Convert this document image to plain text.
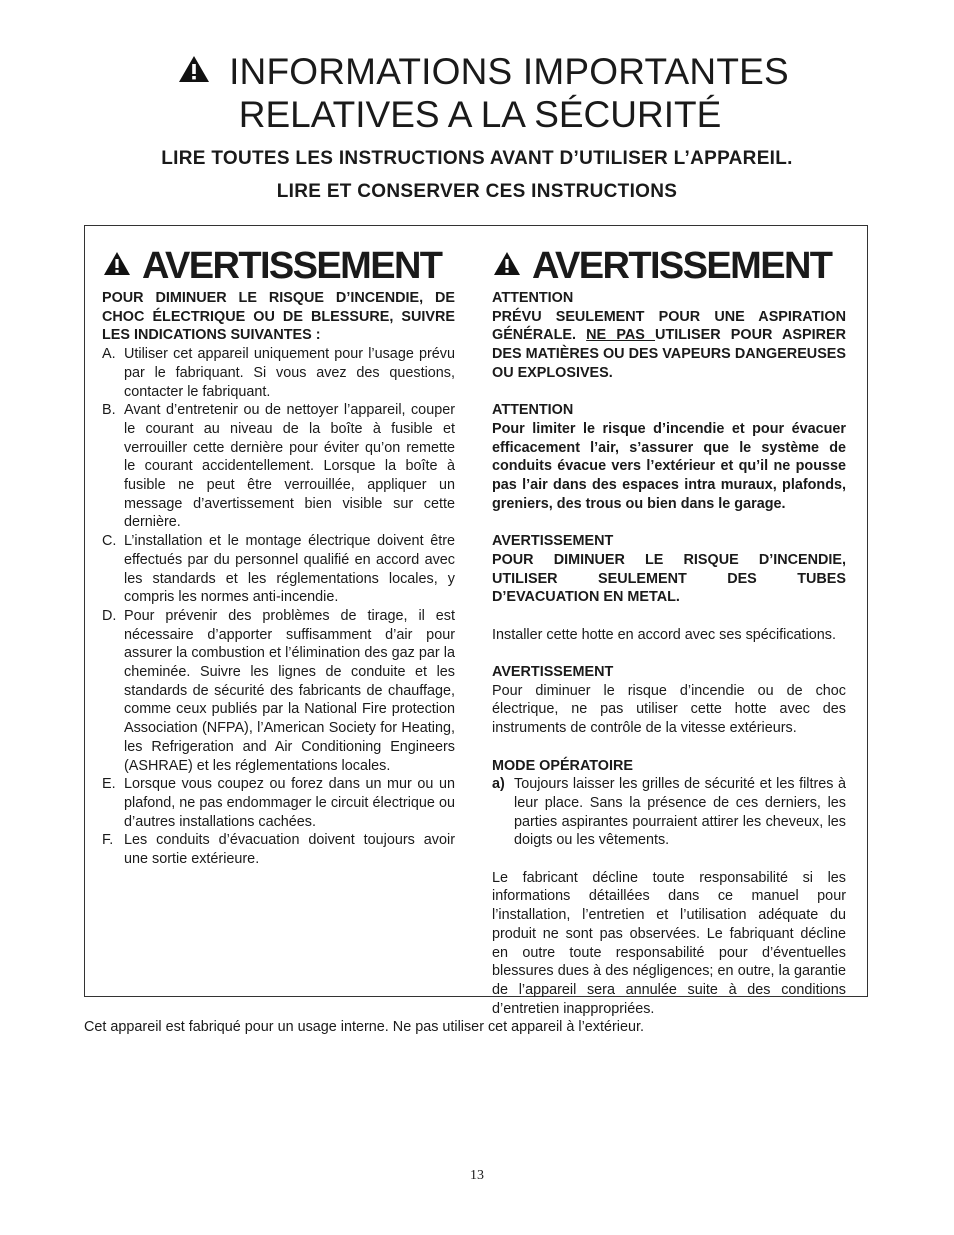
INFORMATIONS IMPORTANTES
RELATIVES A LA SÉCURITÉ
LIRE TOUTES LES INSTRUCTIONS AVANT D’UTILISER L’APPAREIL.
LIRE ET CONSERVER CES INSTRUCTIONS
AVERTISSEMENT

POUR DIMINUER LE RISQUE D’INCENDIE, DE CHOC ÉLECTRIQUE OU DE BLESSURE, SUIVRE LES INDICATIONS SUIVANTES :

A. Utiliser cet appareil uniquement pour l’usage prévu par le fabriquant. Si vous avez des questions, contacter le fabriquant.
B. Avant d’entretenir ou de nettoyer l’appareil, couper le courant au niveau de la boîte à fusible et verrouiller cette dernière pour éviter qu’on remette le courant accidentellement. Lorsque la boîte à fusible ne peut être verrouillée, appliquer un message d’avertissement bien visible sur cette dernière.
C. L’installation et le montage électrique doivent être effectués par du personnel qualifié en accord avec les standards et les réglementations locales, y compris les normes anti-incendie.
D. Pour prévenir des problèmes de tirage, il est nécessaire d’apporter suffisamment d’air pour assurer la combustion et l’élimination des gaz par la cheminée. Suivre les lignes de conduite et les standards de sécurité des fabricants de chauffage, comme ceux publiés par la National Fire protection Association (NFPA), l’American Society for Heating, les Refrigeration and Air Conditioning Engineers (ASHRAE) et les réglementations locales.
E. Lorsque vous coupez ou forez dans un mur ou un plafond, ne pas endommager le circuit électrique ou d’autres installations cachées.
F. Les conduits d’évacuation doivent toujours avoir une sortie extérieure.
AVERTISSEMENT

ATTENTION

PRÉVU SEULEMENT POUR UNE ASPIRATION GÉNÉRALE. NE PAS UTILISER POUR ASPIRER DES MATIÈRES OU DES VAPEURS DANGEREUSES OU EXPLOSIVES.

ATTENTION

Pour limiter le risque d’incendie et pour évacuer efficacement l’air, s’assurer que le système de conduits évacue vers l’extérieur et qu’il ne pousse pas l’air dans des espaces intra muraux, plafonds, greniers, des trous ou bien dans le garage.

AVERTISSEMENT

POUR DIMINUER LE RISQUE D’INCENDIE, UTILISER SEULEMENT DES TUBES D’EVACUATION EN METAL.

Installer cette hotte en accord avec ses spécifications.

AVERTISSEMENT

Pour diminuer le risque d’incendie ou de choc électrique, ne pas utiliser cette hotte avec des instruments de contrôle de la vitesse extérieurs.

MODE OPÉRATOIRE

a) Toujours laisser les grilles de sécurité et les filtres à leur place. Sans la présence de ces derniers, les parties aspirantes pourraient attirer les cheveux, les doigts ou les vêtements.

Le fabricant décline toute responsabilité si les informations détaillées dans ce manuel pour l’installation, l’entretien et l’utilisation adéquate du produit ne sont pas observées. Le fabriquant décline en outre toute responsabilité pour d’éventuelles blessures dues à des négligences; en outre, la garantie de l’appareil sera annulée suite à des conditions d’entretien inappropriées.

Cet appareil est fabriqué pour un usage interne. Ne pas utiliser cet appareil à l’extérieur.
13
